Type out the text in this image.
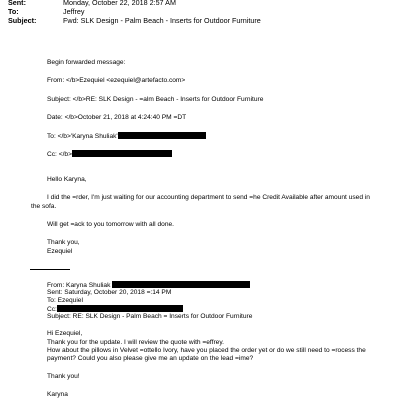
Sent:	Monday, October 22, 2018 2:57 AM
To:	Jeffrey
Subject:	Fwd: SLK Design - Palm Beach - Inserts for Outdoor Furniture
Begin forwarded message:
From: </b>Ezequiel <ezequiel@artefacto.com>
Subject: </b>RE: SLK Design - =alm Beach - Inserts for Outdoor Furniture
Date: </b>October 21, 2018 at 4:24:40 PM =DT
To: </b>'Karyna Shuliak'
Cc: </b>
Hello Karyna,
I did the =rder, I'm just waiting for our accounting department to send =he Credit Available after amount used in
the sofa.
Will get =ack to you tomorrow with all done.
Thank you,
Ezequiel
From: Karyna Shuliak
Sent: Saturday, October 20, 2018 =:14 PM
To: Ezequiel
Cc:
Subject: RE: SLK Design - Palm Beach = Inserts for Outdoor Furniture
Hi Ezequiel,
Thank you for the update. I will review the quote with =effrey.
How about the pillows in Velvet =ottello Ivory, have you placed the order yet or do we still need to =rocess the
payment? Could you also please give me an update on the lead =ime?
Thank you!
Karyna
